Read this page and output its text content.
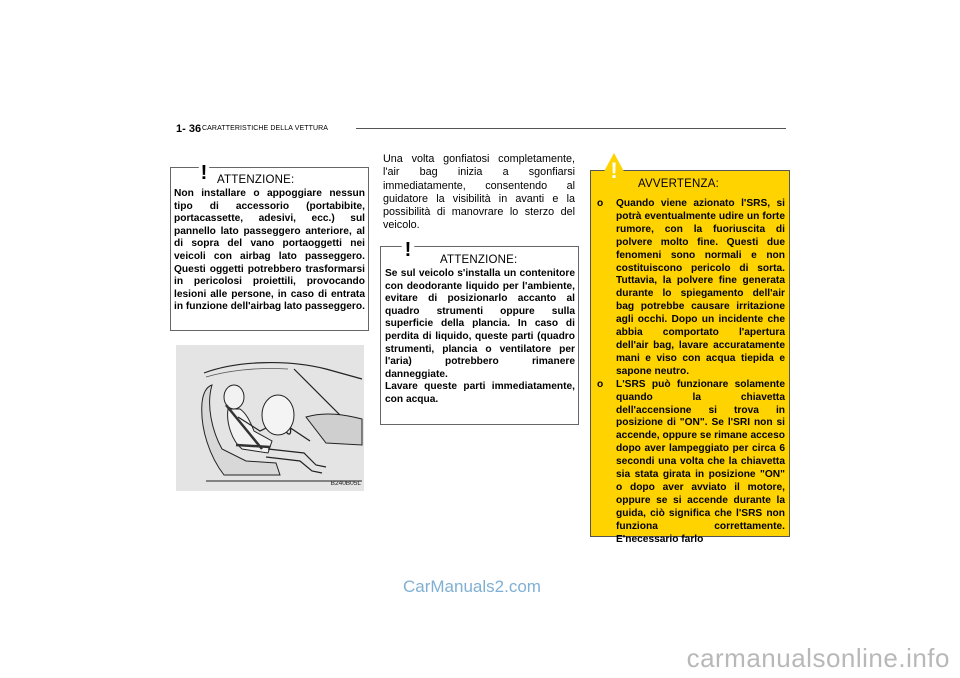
1- 36 CARATTERISTICHE DELLA VETTURA
! ATTENZIONE:
Non installare o appoggiare nessun tipo di accessorio (portabibite, portacassette, adesivi, ecc.) sul pannello lato passeggero anteriore, al di sopra del vano portaoggetti nei veicoli con airbag lato passeggero. Questi oggetti potrebbero trasformarsi in pericolosi proiettili, provocando lesioni alle persone, in caso di entrata in funzione dell'airbag lato passeggero.
B240B05L
Una volta gonfiatosi completamente, l'air bag inizia a sgonfiarsi immediatamente, consentendo al guidatore la visibilità in avanti e la possibilità di manovrare lo sterzo del veicolo.
! ATTENZIONE:

Se sul veicolo s'installa un contenitore con deodorante liquido per l'ambiente, evitare di posizionarlo accanto al quadro strumenti oppure sulla superficie della plancia. In caso di perdita di liquido, queste parti (quadro strumenti, plancia o ventilatore per l'aria) potrebbero rimanere danneggiate.

Lavare queste parti immediatamente, con acqua.

!
AVVERTENZA:
o Quando viene azionato l'SRS, si potrà eventualmente udire un forte rumore, con la fuoriuscita di polvere molto fine. Questi due fenomeni sono normali e non costituiscono pericolo di sorta. Tuttavia, la polvere fine generata durante lo spiegamento dell'air bag potrebbe causare irritazione agli occhi. Dopo un incidente che abbia comportato l'apertura dell'air bag, lavare accuratamente mani e viso con acqua tiepida e sapone neutro.
o L'SRS può funzionare solamente quando la chiavetta dell'accensione si trova in posizione di "ON". Se l'SRI non si accende, oppure se rimane acceso dopo aver lampeggiato per circa 6 secondi una volta che la chiavetta sia stata girata in posizione "ON" o dopo aver avviato il motore, oppure se si accende durante la guida, ciò significa che l'SRS non funziona correttamente. E'necessario farlo
CarManuals2.com
carmanualsonline.info
